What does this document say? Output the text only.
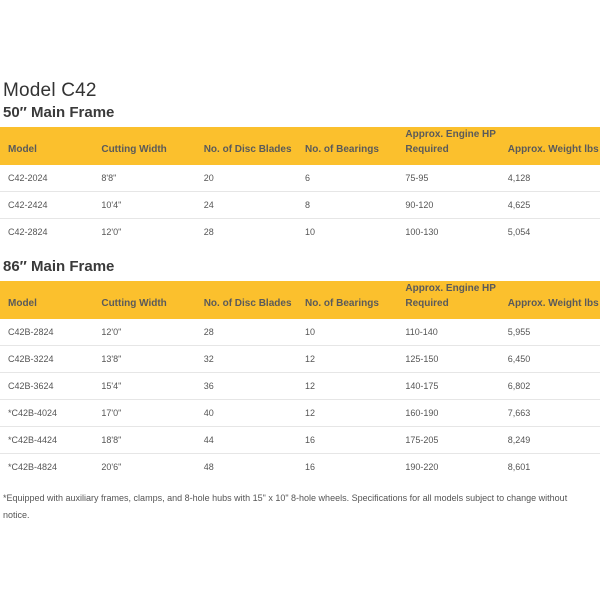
Model C42
50″ Main Frame
Model	Cutting Width	No. of Disc Blades	No. of Bearings	Approx. Engine HP Required	Approx. Weight lbs
C42-2024	8'8"	20	6	75-95	4,128
C42-2424	10'4"	24	8	90-120	4,625
C42-2824	12'0"	28	10	100-130	5,054
86″ Main Frame
Model	Cutting Width	No. of Disc Blades	No. of Bearings	Approx. Engine HP Required	Approx. Weight lbs
C42B-2824	12'0"	28	10	110-140	5,955
C42B-3224	13'8"	32	12	125-150	6,450
C42B-3624	15'4"	36	12	140-175	6,802
*C42B-4024	17'0"	40	12	160-190	7,663
*C42B-4424	18'8"	44	16	175-205	8,249
*C42B-4824	20'6"	48	16	190-220	8,601
*Equipped with auxiliary frames, clamps, and 8-hole hubs with 15" x 10" 8-hole wheels. Specifications for all models subject to change without notice.
